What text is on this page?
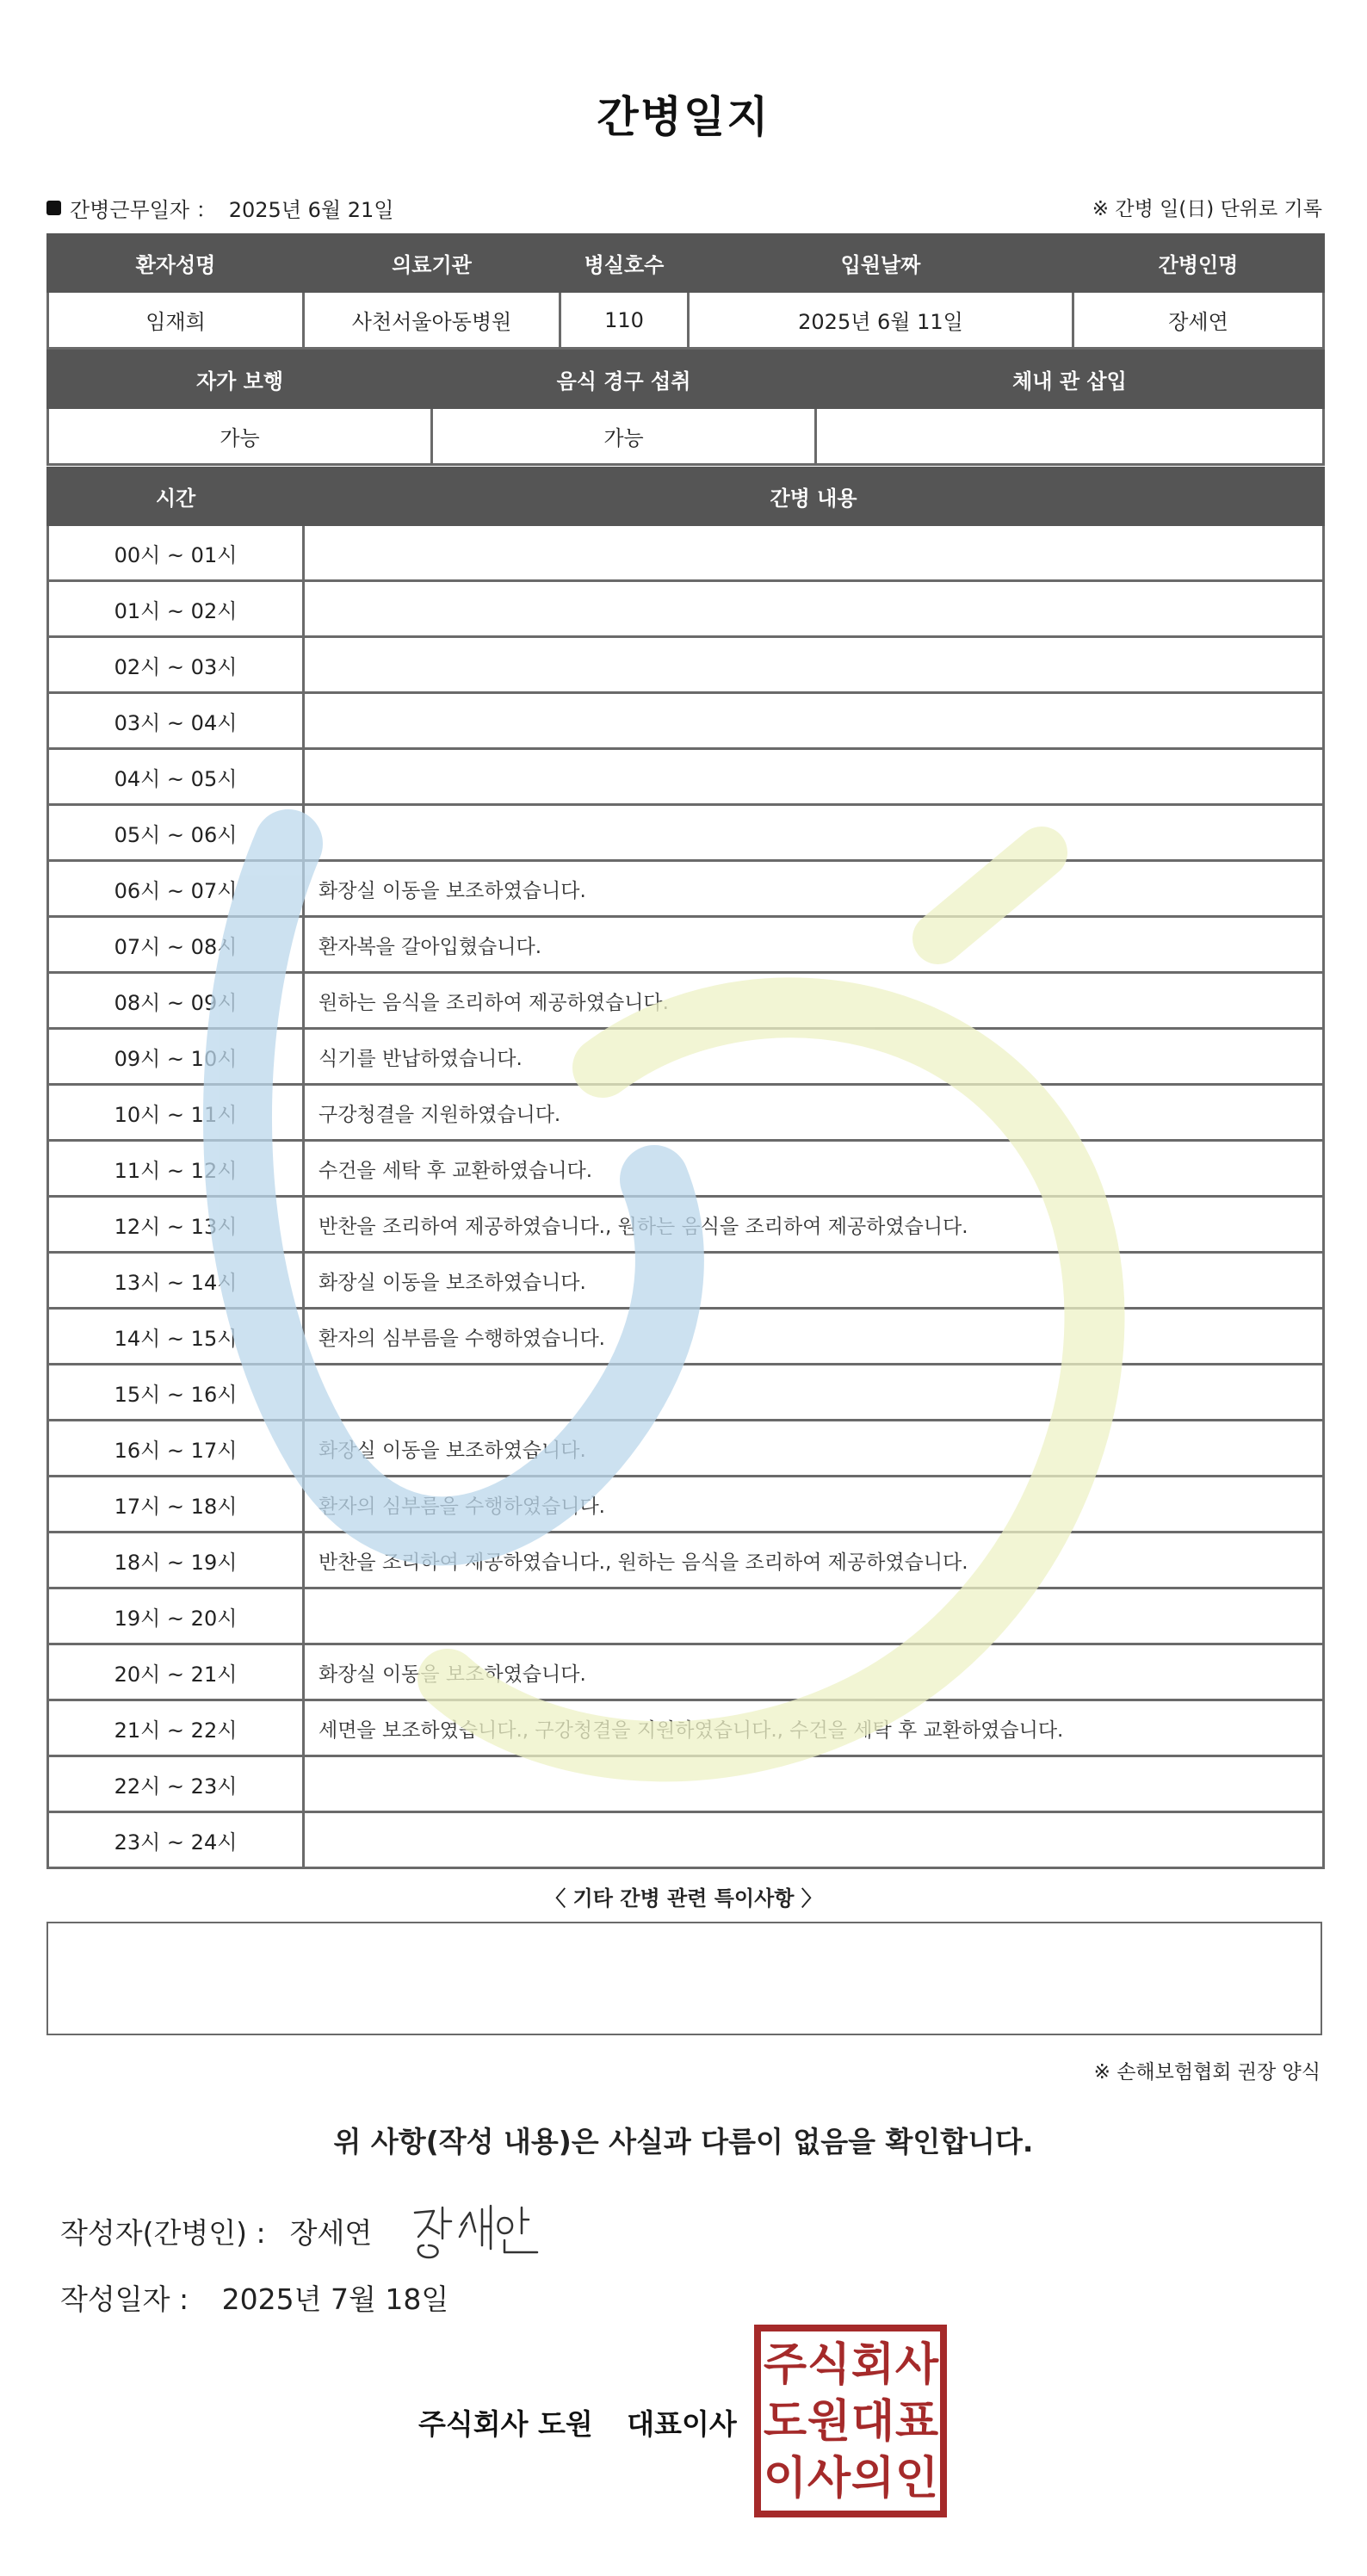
간병일지
간병근무일자 ： 2025년 6월 21일	※ 간병 일(日) 단위로 기록
환자성명	의료기관	병실호수	입원날짜	간병인명
임재희	사천서울아동병원	110	2025년 6월 11일	장세연
자가 보행	음식 경구 섭취	체내 관 삽입
가능	가능	
시간	간병 내용
00시 ~ 01시	
01시 ~ 02시	
02시 ~ 03시	
03시 ~ 04시	
04시 ~ 05시	
05시 ~ 06시	
06시 ~ 07시	화장실 이동을 보조하였습니다.
07시 ~ 08시	환자복을 갈아입혔습니다.
08시 ~ 09시	원하는 음식을 조리하여 제공하였습니다.
09시 ~ 10시	식기를 반납하였습니다.
10시 ~ 11시	구강청결을 지원하였습니다.
11시 ~ 12시	수건을 세탁 후 교환하였습니다.
12시 ~ 13시	반찬을 조리하여 제공하였습니다., 원하는 음식을 조리하여 제공하였습니다.
13시 ~ 14시	화장실 이동을 보조하였습니다.
14시 ~ 15시	환자의 심부름을 수행하였습니다.
15시 ~ 16시	
16시 ~ 17시	화장실 이동을 보조하였습니다.
17시 ~ 18시	환자의 심부름을 수행하였습니다.
18시 ~ 19시	반찬을 조리하여 제공하였습니다., 원하는 음식을 조리하여 제공하였습니다.
19시 ~ 20시	
20시 ~ 21시	화장실 이동을 보조하였습니다.
21시 ~ 22시	세면을 보조하였습니다., 구강청결을 지원하였습니다., 수건을 세탁 후 교환하였습니다.
22시 ~ 23시	
23시 ~ 24시	
〈 기타 간병 관련 특이사항 〉
※ 손해보험협회 권장 양식
위 사항(작성 내용)은 사실과 다름이 없음을 확인합니다.
작성자(간병인) : 장세연
작성일자 : 2025년 7월 18일
주식회사 도원 대표이사
주 식 회 사
도 원 대 표
이 사 의 인
